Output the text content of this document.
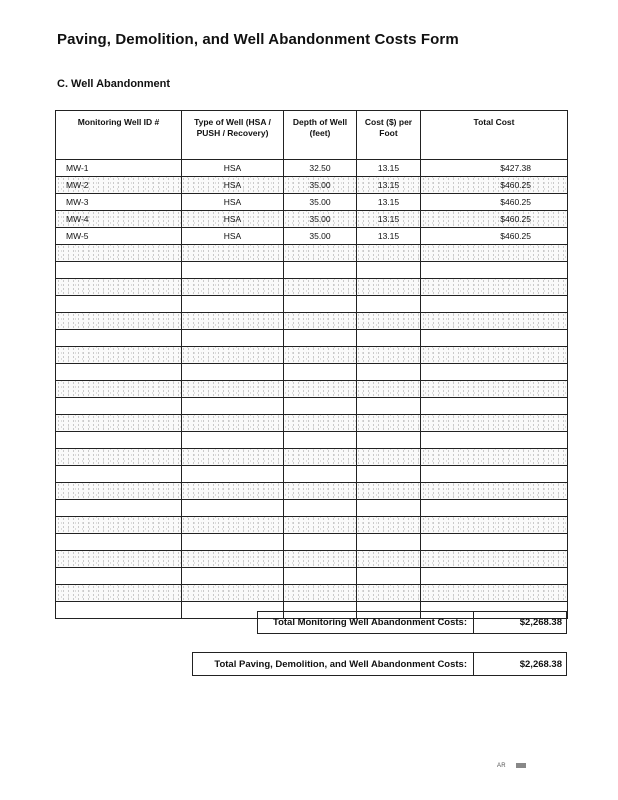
Paving, Demolition, and Well Abandonment Costs Form
C. Well Abandonment
Monitoring Well ID #	Type of Well (HSA / PUSH / Recovery)	Depth of Well (feet)	Cost ($) per Foot	Total Cost
MW-1	HSA	32.50	13.15	$427.38
MW-2	HSA	35.00	13.15	$460.25
MW-3	HSA	35.00	13.15	$460.25
MW-4	HSA	35.00	13.15	$460.25
MW-5	HSA	35.00	13.15	$460.25

Total Monitoring Well Abandonment Costs:	$2,268.38
Total Paving, Demolition, and Well Abandonment Costs:	$2,268.38
AR
